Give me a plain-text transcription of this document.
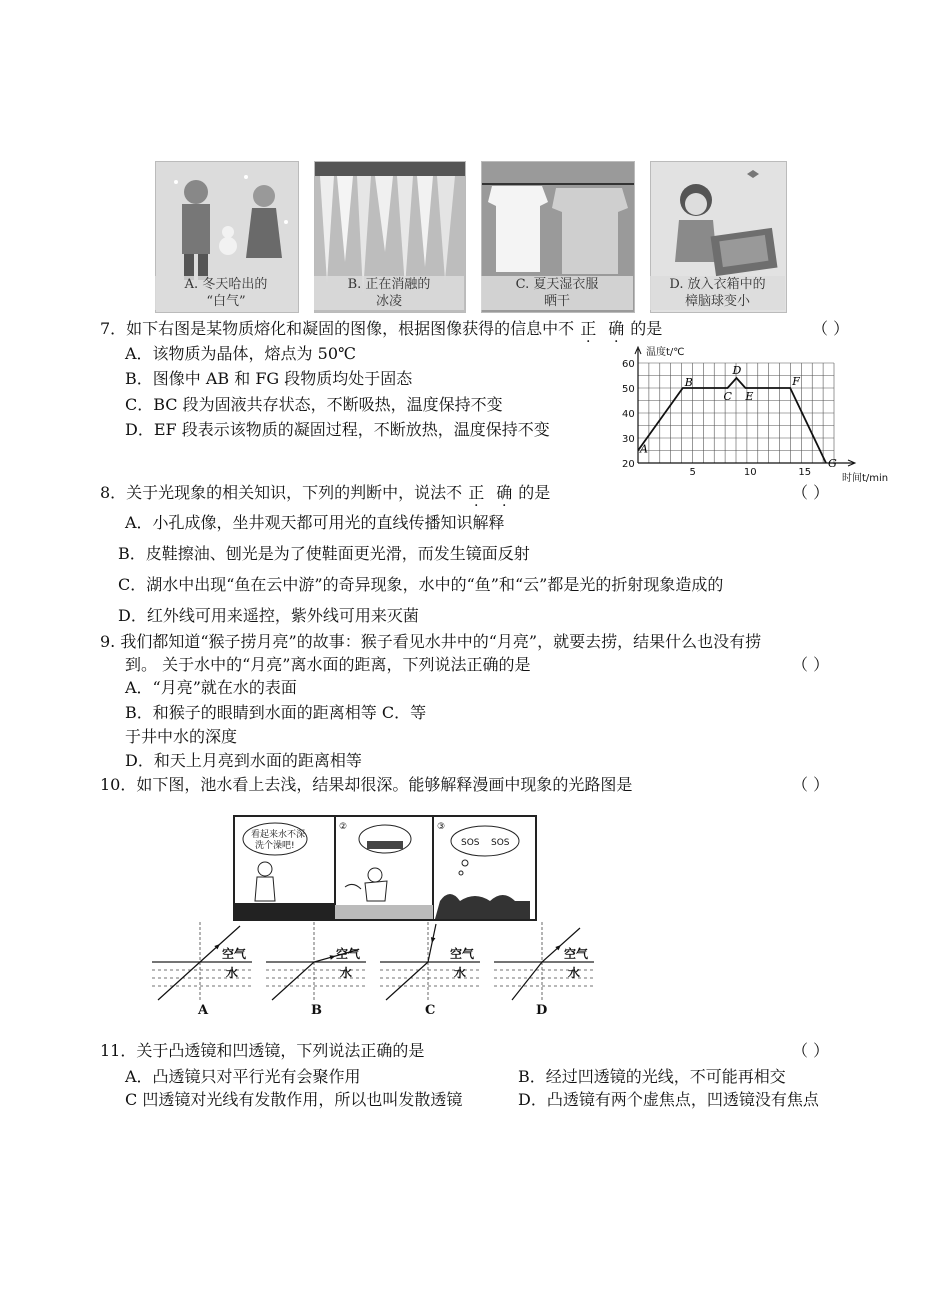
A. 冬天哈出的
“白气”
B. 正在消融的
冰凌
C. 夏天湿衣服
晒干
D. 放入衣箱中的
樟脑球变小
7．如下右图是某物质熔化和凝固的图像，根据图像获得的信息中不 正 确 的是	（ ）
A．该物质为晶体，熔点为 50℃
B．图像中 AB 和 FG 段物质均处于固态
C．BC 段为固液共存状态，不断吸热，温度保持不变
D．EF 段表示该物质的凝固过程，不断放热，温度保持不变
20
30
40
50
60
5	10	15
A
B
C
D
E
F
G
温度t/℃
时间t/min
8．关于光现象的相关知识，下列的判断中，说法不 正 确 的是	（ ）
A．小孔成像，坐井观天都可用光的直线传播知识解释
B．皮鞋擦油、刨光是为了使鞋面更光滑，而发生镜面反射
C．湖水中出现“鱼在云中游”的奇异现象，水中的“鱼”和“云”都是光的折射现象造成的
D．红外线可用来遥控，紫外线可用来灭菌
9. 我们都知道“猴子捞月亮”的故事：猴子看见水井中的“月亮”，就要去捞，结果什么也没有捞
到。 关于水中的“月亮”离水面的距离，下列说法正确的是	（ ）
A．“月亮”就在水的表面
B．和猴子的眼睛到水面的距离相等 C．等
于井中水的深度
D．和天上月亮到水面的距离相等
10．如下图，池水看上去浅，结果却很深。能够解释漫画中现象的光路图是	（ ）
看起来水不深
洗个澡吧!
②	③
SOS SOS
空气
水
空气
水
空气
水
空气
水
A	B	C	D
11．关于凸透镜和凹透镜，下列说法正确的是	（ ）
A．凸透镜只对平行光有会聚作用	B．经过凹透镜的光线，不可能再相交
C 凹透镜对光线有发散作用，所以也叫发散透镜	D．凸透镜有两个虚焦点，凹透镜没有焦点
